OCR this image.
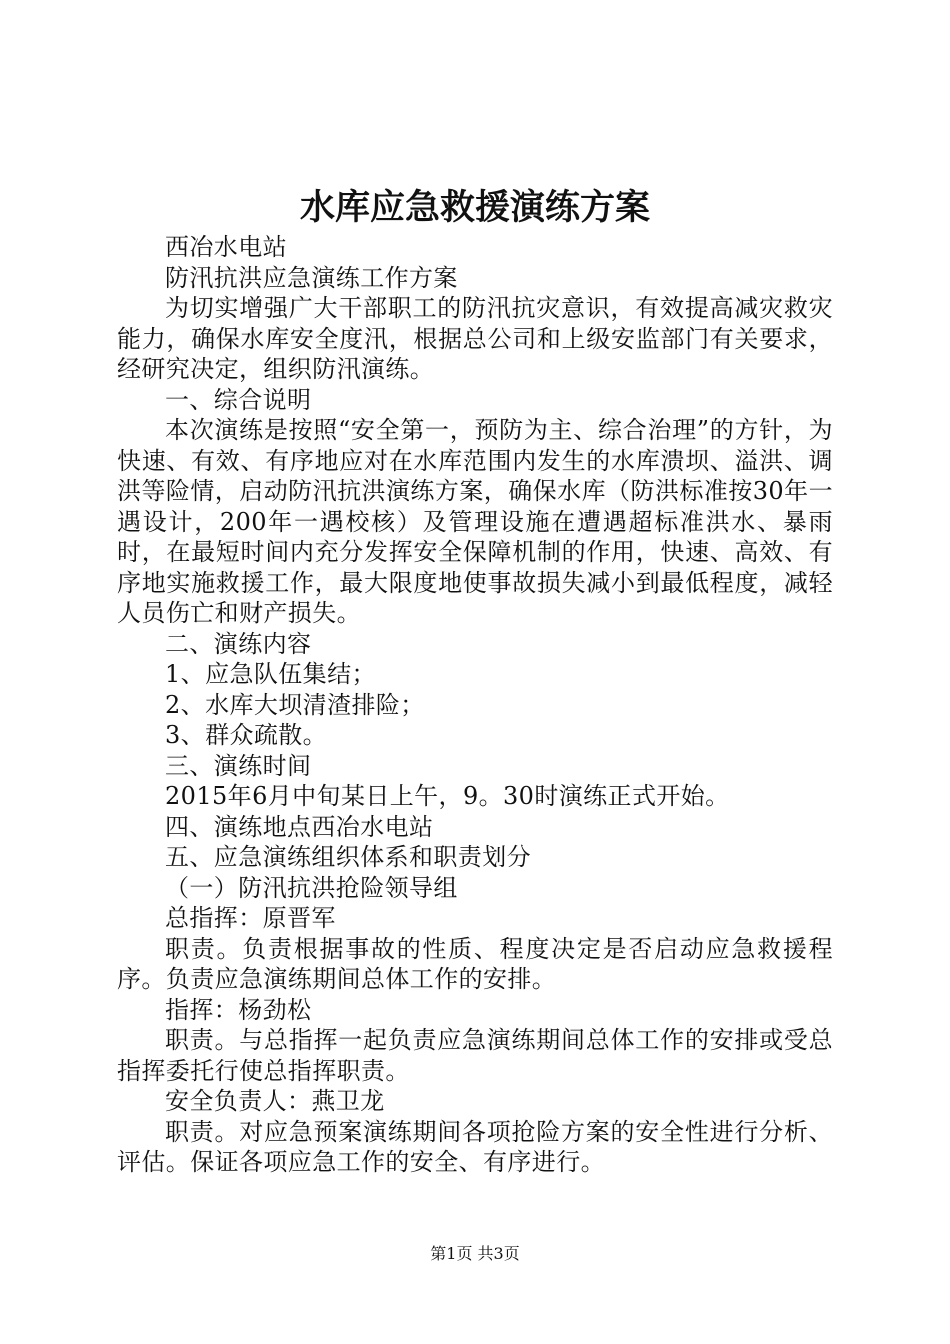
水库应急救援演练方案

西冶水电站

防汛抗洪应急演练工作方案

为切实增强广大干部职工的防汛抗灾意识，有效提高减灾救灾能力，确保水库安全度汛，根据总公司和上级安监部门有关要求，经研究决定，组织防汛演练。

一、综合说明

本次演练是按照“安全第一，预防为主、综合治理”的方针，为快速、有效、有序地应对在水库范围内发生的水库溃坝、溢洪、调洪等险情，启动防汛抗洪演练方案，确保水库（防洪标准按30年一遇设计，200年一遇校核）及管理设施在遭遇超标准洪水、暴雨时，在最短时间内充分发挥安全保障机制的作用，快速、高效、有序地实施救援工作，最大限度地使事故损失减小到最低程度，减轻人员伤亡和财产损失。

二、演练内容

1、应急队伍集结；

2、水库大坝清渣排险；

3、群众疏散。

三、演练时间

2015年6月中旬某日上午，9。30时演练正式开始。

四、演练地点西冶水电站

五、应急演练组织体系和职责划分

（一）防汛抗洪抢险领导组

总指挥：原晋军

职责。负责根据事故的性质、程度决定是否启动应急救援程序。负责应急演练期间总体工作的安排。

指挥：杨劲松

职责。与总指挥一起负责应急演练期间总体工作的安排或受总指挥委托行使总指挥职责。

安全负责人：燕卫龙

职责。对应急预案演练期间各项抢险方案的安全性进行分析、评估。保证各项应急工作的安全、有序进行。

第1页 共3页
